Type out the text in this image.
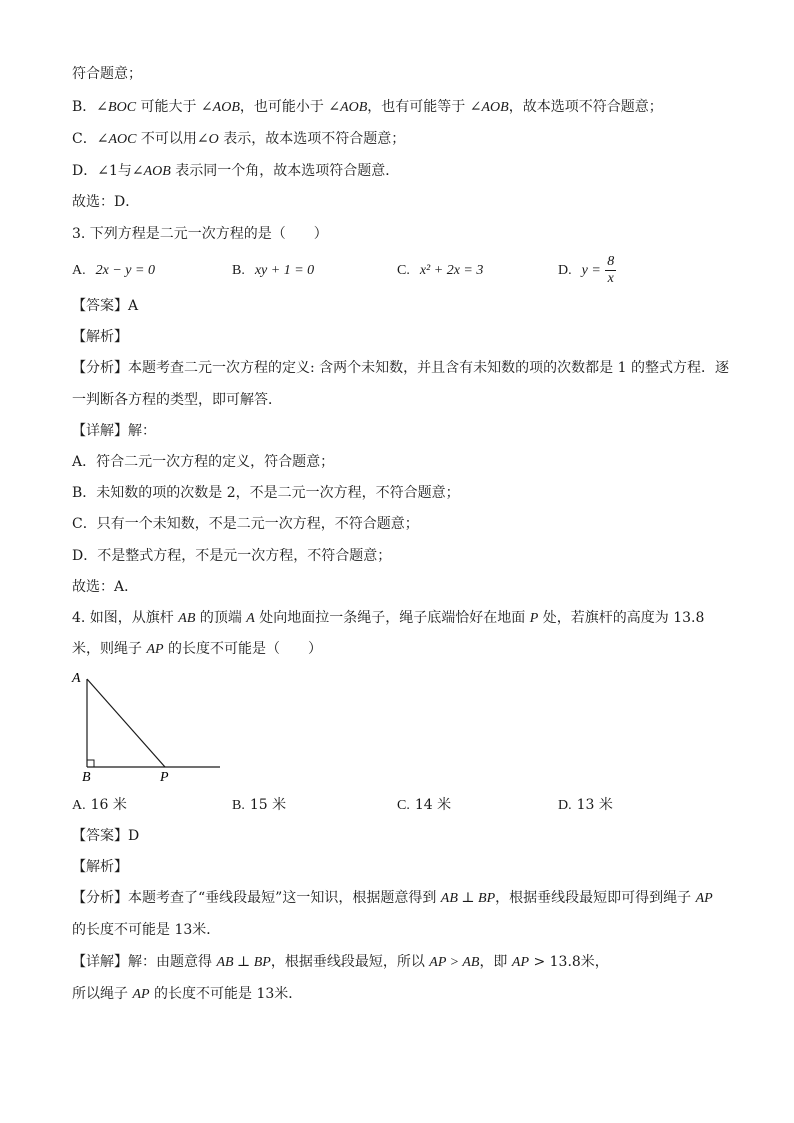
符合题意；
B．∠BOC 可能大于 ∠AOB，也可能小于 ∠AOB，也有可能等于 ∠AOB，故本选项不符合题意；
C．∠AOC 不可以用∠O 表示，故本选项不符合题意；
D．∠1与∠AOB 表示同一个角，故本选项符合题意．
故选：D．
3. 下列方程是二元一次方程的是（　　）
A. 2x − y = 0	B. xy + 1 = 0	C. x² + 2x = 3	D. $y = \frac{8}{x}$
【答案】A
【解析】
【分析】本题考查二元一次方程的定义: 含两个未知数，并且含有未知数的项的次数都是 1 的整式方程．逐
一判断各方程的类型，即可解答．
【详解】解：
A．符合二元一次方程的定义，符合题意；
B．未知数的项的次数是 2，不是二元一次方程，不符合题意；
C．只有一个未知数，不是二元一次方程，不符合题意；
D．不是整式方程，不是元一次方程，不符合题意；
故选：A．
4. 如图，从旗杆 AB 的顶端 A 处向地面拉一条绳子，绳子底端恰好在地面 P 处，若旗杆的高度为 13.8
米，则绳子 AP 的长度不可能是（　　）
A
B	P
A. 16 米	B. 15 米	C. 14 米	D. 13 米
【答案】D
【解析】
【分析】本题考查了“垂线段最短”这一知识，根据题意得到 AB ⊥ BP，根据垂线段最短即可得到绳子 AP
的长度不可能是 13米．
【详解】解：由题意得 AB ⊥ BP，根据垂线段最短，所以 AP > AB，即 AP > 13.8米，
所以绳子 AP 的长度不可能是 13米．
